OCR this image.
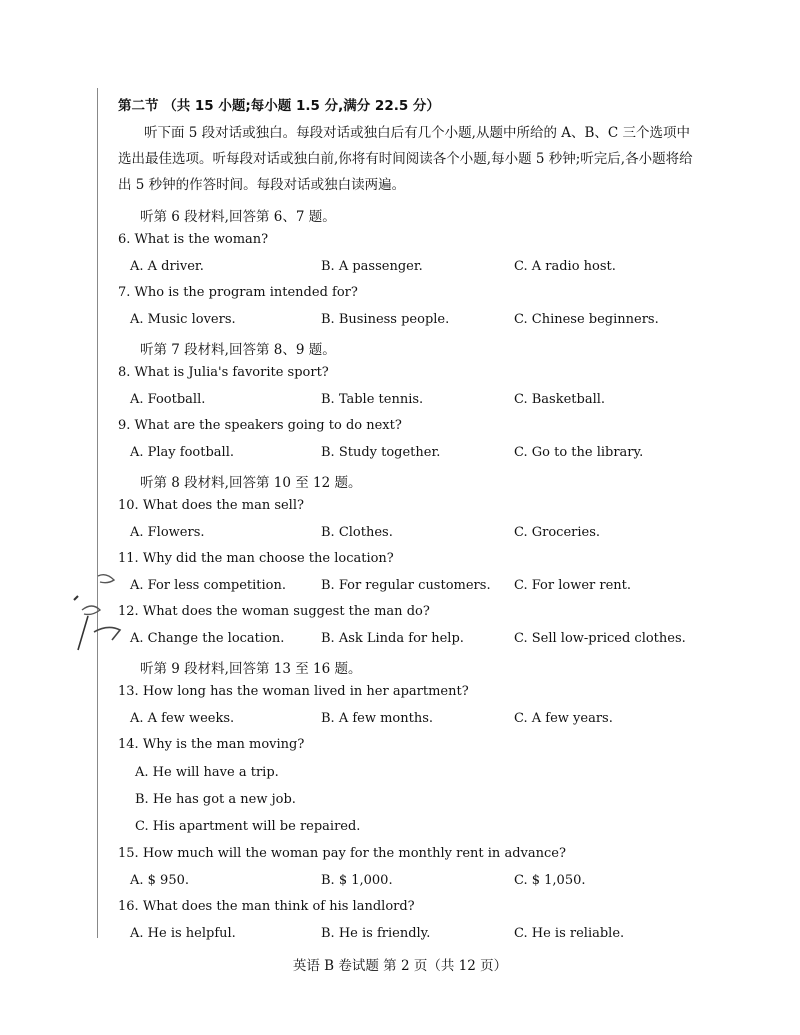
第二节 （共 15 小题;每小题 1.5 分,满分 22.5 分）
听下面 5 段对话或独白。每段对话或独白后有几个小题,从题中所给的 A、B、C 三个选项中选出最佳选项。听每段对话或独白前,你将有时间阅读各个小题,每小题 5 秒钟;听完后,各小题将给出 5 秒钟的作答时间。每段对话或独白读两遍。
听第 6 段材料,回答第 6、7 题。
6. What is the woman?
A. A driver.	B. A passenger.	C. A radio host.
7. Who is the program intended for?
A. Music lovers.	B. Business people.	C. Chinese beginners.
听第 7 段材料,回答第 8、9 题。
8. What is Julia's favorite sport?
A. Football.	B. Table tennis.	C. Basketball.
9. What are the speakers going to do next?
A. Play football.	B. Study together.	C. Go to the library.
听第 8 段材料,回答第 10 至 12 题。
10. What does the man sell?
A. Flowers.	B. Clothes.	C. Groceries.
11. Why did the man choose the location?
A. For less competition.	B. For regular customers. C. For lower rent.
12. What does the woman suggest the man do?
A. Change the location.	B. Ask Linda for help.	C. Sell low-priced clothes.
听第 9 段材料,回答第 13 至 16 题。
13. How long has the woman lived in her apartment?
A. A few weeks.	B. A few months.	C. A few years.
14. Why is the man moving?
A. He will have a trip.
B. He has got a new job.
C. His apartment will be repaired.
15. How much will the woman pay for the monthly rent in advance?
A. $ 950.	B. $ 1,000.	C. $ 1,050.
16. What does the man think of his landlord?
A. He is helpful.	B. He is friendly.	C. He is reliable.
英语 B 卷试题 第 2 页（共 12 页）
